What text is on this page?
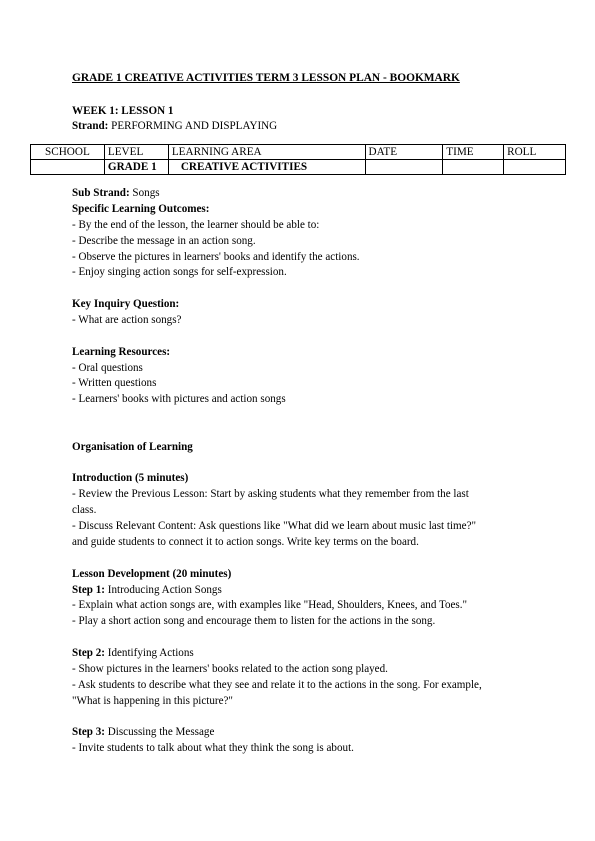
GRADE 1 CREATIVE ACTIVITIES TERM 3 LESSON PLAN - BOOKMARK
WEEK 1: LESSON 1
Strand: PERFORMING AND DISPLAYING
SCHOOL	LEVEL	LEARNING AREA	DATE	TIME	ROLL
	GRADE 1	CREATIVE ACTIVITIES			
Sub Strand: Songs
Specific Learning Outcomes:
- By the end of the lesson, the learner should be able to:
- Describe the message in an action song.
- Observe the pictures in learners' books and identify the actions.
- Enjoy singing action songs for self-expression.
Key Inquiry Question:
- What are action songs?
Learning Resources:
- Oral questions
- Written questions
- Learners' books with pictures and action songs
Organisation of Learning
Introduction (5 minutes)
- Review the Previous Lesson: Start by asking students what they remember from the last
class.
- Discuss Relevant Content: Ask questions like "What did we learn about music last time?"
and guide students to connect it to action songs. Write key terms on the board.
Lesson Development (20 minutes)
Step 1: Introducing Action Songs
- Explain what action songs are, with examples like "Head, Shoulders, Knees, and Toes."
- Play a short action song and encourage them to listen for the actions in the song.
Step 2: Identifying Actions
- Show pictures in the learners' books related to the action song played.
- Ask students to describe what they see and relate it to the actions in the song. For example,
"What is happening in this picture?"
Step 3: Discussing the Message
- Invite students to talk about what they think the song is about.
